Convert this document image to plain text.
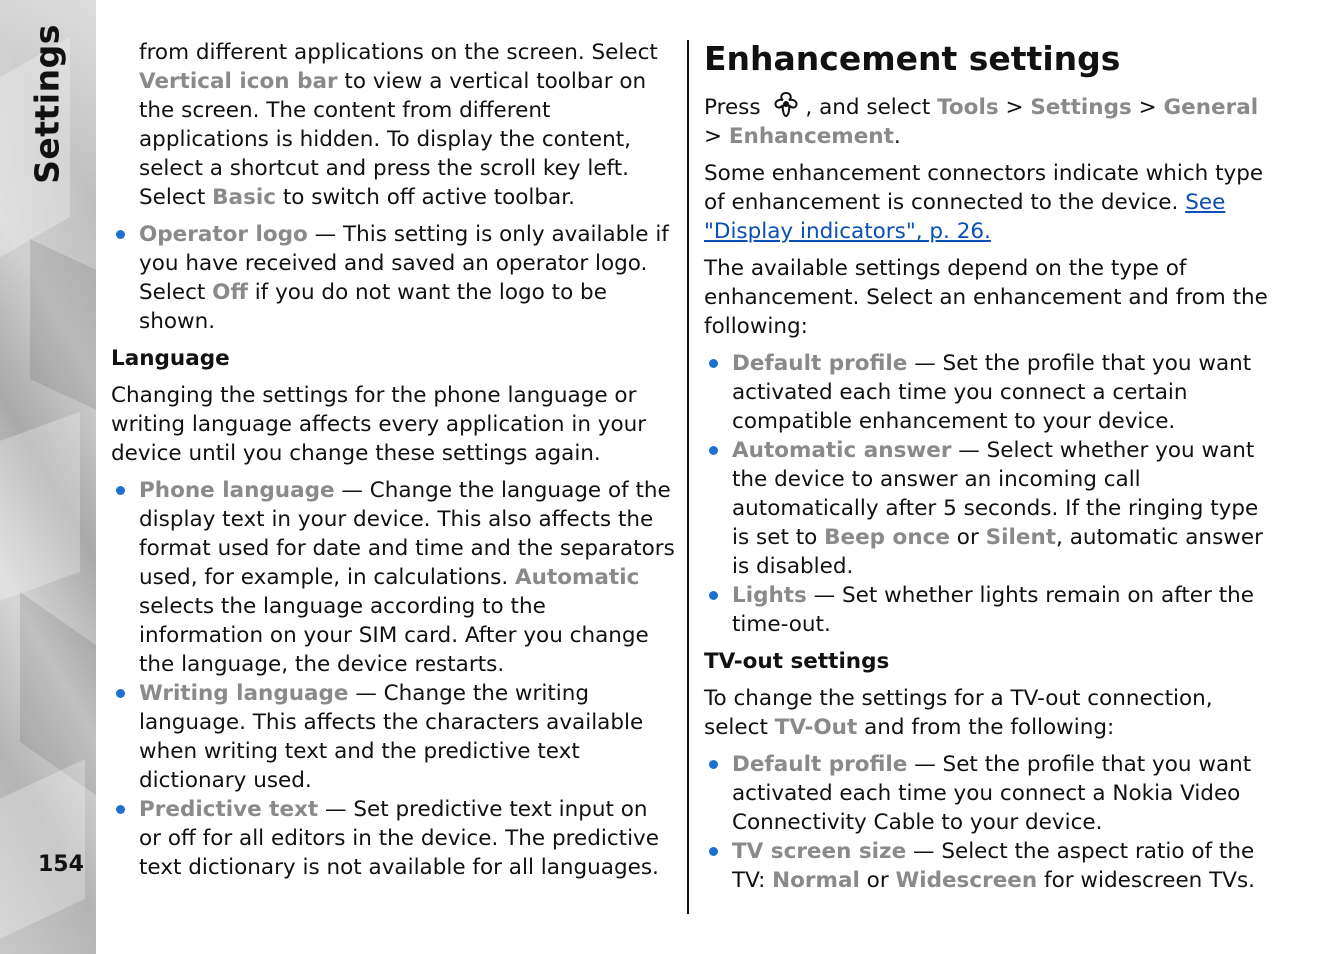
Settings
154

from different applications on the screen. Select Vertical icon bar to view a vertical toolbar on the screen. The content from different applications is hidden. To display the content, select a shortcut and press the scroll key left. Select Basic to switch off active toolbar.

Operator logo — This setting is only available if you have received and saved an operator logo. Select Off if you do not want the logo to be shown.
Language

Changing the settings for the phone language or writing language affects every application in your device until you change these settings again.

Phone language — Change the language of the display text in your device. This also affects the format used for date and time and the separators used, for example, in calculations. Automatic selects the language according to the information on your SIM card. After you change the language, the device restarts.
Writing language — Change the writing language. This affects the characters available when writing text and the predictive text dictionary used.
Predictive text — Set predictive text input on or off for all editors in the device. The predictive text dictionary is not available for all languages.
Enhancement settings

Press , and select Tools > Settings > General > Enhancement.

Some enhancement connectors indicate which type of enhancement is connected to the device. See "Display indicators", p. 26.

The available settings depend on the type of enhancement. Select an enhancement and from the following:

Default profile — Set the profile that you want activated each time you connect a certain compatible enhancement to your device.
Automatic answer — Select whether you want the device to answer an incoming call automatically after 5 seconds. If the ringing type is set to Beep once or Silent, automatic answer is disabled.
Lights — Set whether lights remain on after the time-out.
TV-out settings

To change the settings for a TV-out connection, select TV-Out and from the following:

Default profile — Set the profile that you want activated each time you connect a Nokia Video Connectivity Cable to your device.
TV screen size — Select the aspect ratio of the TV: Normal or Widescreen for widescreen TVs.
